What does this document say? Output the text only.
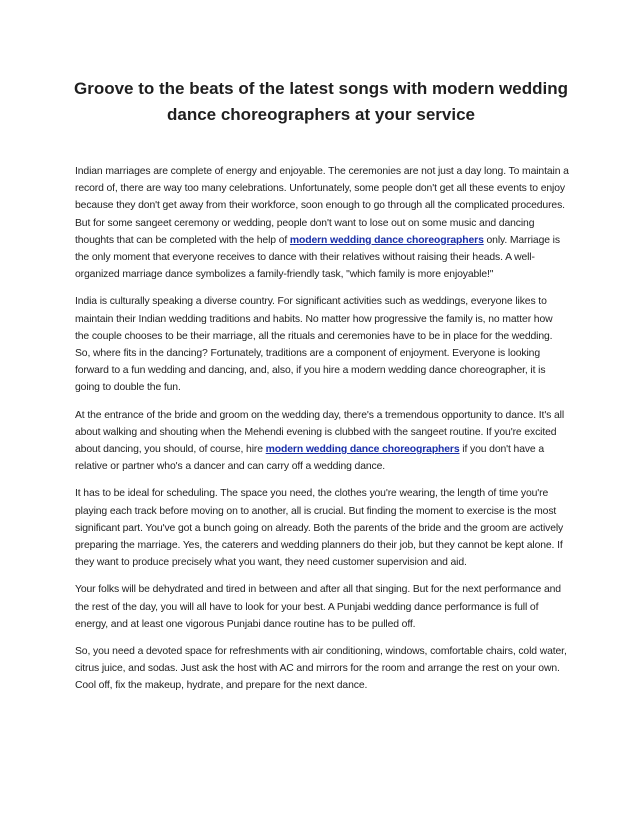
Groove to the beats of the latest songs with modern wedding dance choreographers at your service

Indian marriages are complete of energy and enjoyable. The ceremonies are not just a day long. To maintain a record of, there are way too many celebrations. Unfortunately, some people don't get all these events to enjoy because they don't get away from their workforce, soon enough to go through all the complicated procedures. But for some sangeet ceremony or wedding, people don't want to lose out on some music and dancing thoughts that can be completed with the help of modern wedding dance choreographers only. Marriage is the only moment that everyone receives to dance with their relatives without raising their heads. A well-organized marriage dance symbolizes a family-friendly task, "which family is more enjoyable!"

India is culturally speaking a diverse country. For significant activities such as weddings, everyone likes to maintain their Indian wedding traditions and habits. No matter how progressive the family is, no matter how the couple chooses to be their marriage, all the rituals and ceremonies have to be in place for the wedding. So, where fits in the dancing? Fortunately, traditions are a component of enjoyment. Everyone is looking forward to a fun wedding and dancing, and, also, if you hire a modern wedding dance choreographer, it is going to double the fun.

At the entrance of the bride and groom on the wedding day, there's a tremendous opportunity to dance. It's all about walking and shouting when the Mehendi evening is clubbed with the sangeet routine. If you're excited about dancing, you should, of course, hire modern wedding dance choreographers if you don't have a relative or partner who's a dancer and can carry off a wedding dance.

It has to be ideal for scheduling. The space you need, the clothes you're wearing, the length of time you're playing each track before moving on to another, all is crucial. But finding the moment to exercise is the most significant part. You've got a bunch going on already. Both the parents of the bride and the groom are actively preparing the marriage. Yes, the caterers and wedding planners do their job, but they cannot be kept alone. If they want to produce precisely what you want, they need customer supervision and aid.

Your folks will be dehydrated and tired in between and after all that singing. But for the next performance and the rest of the day, you will all have to look for your best. A Punjabi wedding dance performance is full of energy, and at least one vigorous Punjabi dance routine has to be pulled off.

So, you need a devoted space for refreshments with air conditioning, windows, comfortable chairs, cold water, citrus juice, and sodas. Just ask the host with AC and mirrors for the room and arrange the rest on your own. Cool off, fix the makeup, hydrate, and prepare for the next dance.
